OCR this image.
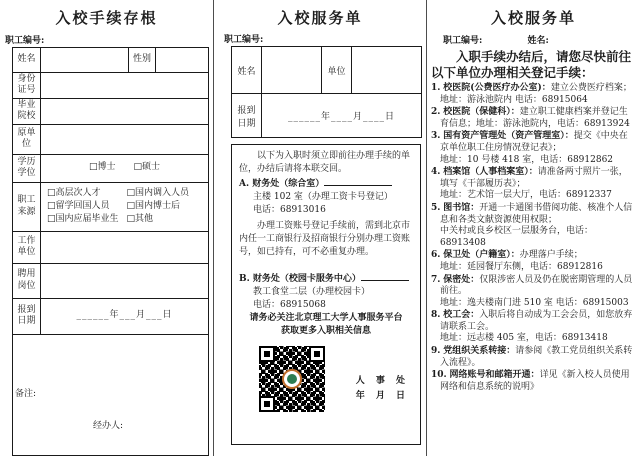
入校手续存根
职工编号:
姓名		性别	
身份证号			
毕业院校			
原单位			
学历学位	□博士 □硕士		

职工来源	
□高层次人才	□国内调入人员
□留学回国人员	□国内博士后
□国内应届毕业生 □其他

工作单位			
聘用岗位			
报到日期	______年___月___日		
备注:
经办人:			
入校服务单
职工编号:
姓名		单位	
报到日期	______年____月____日		

以下为入职时须立即前往办理手续的单位，办结后请将本联交回。

A. 财务处（综合室）

主楼 102 室（办理工资卡号登记）

电话：68913016

办理工资账号登记手续前，需到北京市内任一工商银行及招商银行分别办理工资账号，如已持有，可不必重复办理。

B. 财务处（校园卡服务中心）

教工食堂二层（办理校园卡）

电话：68915068

请务必关注北京理工大学人事服务平台

获取更多入职相关信息

人 事 处
年 月 日
入校服务单
职工编号:	姓名:

入职手续办结后，请您尽快前往以下单位办理相关登记手续：

1. 校医院(公费医疗办公室)：建立公费医疗档案；
地址：游泳池院内 电话：68915064
2. 校医院（保健科）：建立职工健康档案并登记生育信息；地址：游泳池院内，电话：68913924
3. 国有资产管理处（资产管理室）：提交《中央在京单位职工住房情况登记表》；
地址：10 号楼 418 室，电话：68912862
4. 档案馆（人事档案室）：请准备两寸照片一张，填写《干部履历表》；
地址：艺术馆一层大厅，电话：68912337
5. 图书馆：开通一卡通图书借阅功能、核准个人信息和各类文献资源使用权限；
中关村或良乡校区一层服务台，电话：68913408
6. 保卫处（户籍室）：办理落户手续；
地址：延园餐厅东侧，电话：68912816
7. 保密处：仅限涉密人员及仍在脱密期管理的人员前往。
地址：逸夫楼南门进 510 室 电话：68915003
8. 校工会：入职后将自动成为工会会员，如您放弃请联系工会。
地址：远志楼 405 室，电话：68913418
9. 党组织关系转接：请参阅《教工党员组织关系转入流程》。
10. 网络账号和邮箱开通：详见《新入校人员使用网络和信息系统的说明》
